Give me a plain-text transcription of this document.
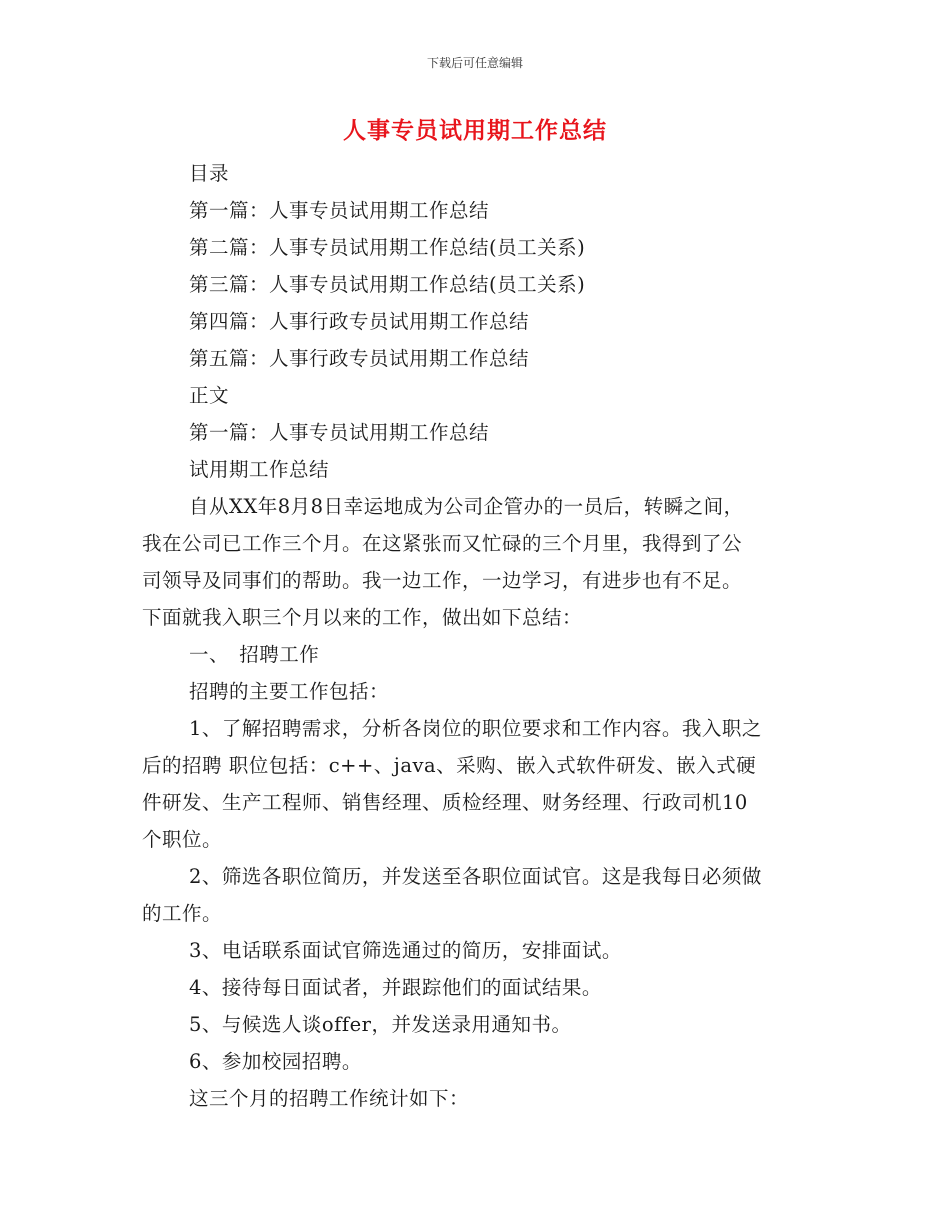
下载后可任意编辑
人事专员试用期工作总结
目录
第一篇：人事专员试用期工作总结
第二篇：人事专员试用期工作总结(员工关系)
第三篇：人事专员试用期工作总结(员工关系)
第四篇：人事行政专员试用期工作总结
第五篇：人事行政专员试用期工作总结
正文
第一篇：人事专员试用期工作总结
试用期工作总结
自从XX年8月8日幸运地成为公司企管办的一员后，转瞬之间，
我在公司已工作三个月。在这紧张而又忙碌的三个月里，我得到了公
司领导及同事们的帮助。我一边工作，一边学习，有进步也有不足。
下面就我入职三个月以来的工作，做出如下总结：
一、　招聘工作
招聘的主要工作包括：
1、了解招聘需求，分析各岗位的职位要求和工作内容。我入职之
后的招聘 职位包括：c++、java、采购、嵌入式软件研发、嵌入式硬
件研发、生产工程师、销售经理、质检经理、财务经理、行政司机10
个职位。
2、筛选各职位简历，并发送至各职位面试官。这是我每日必须做
的工作。
3、电话联系面试官筛选通过的简历，安排面试。
4、接待每日面试者，并跟踪他们的面试结果。
5、与候选人谈offer，并发送录用通知书。
6、参加校园招聘。
这三个月的招聘工作统计如下：
